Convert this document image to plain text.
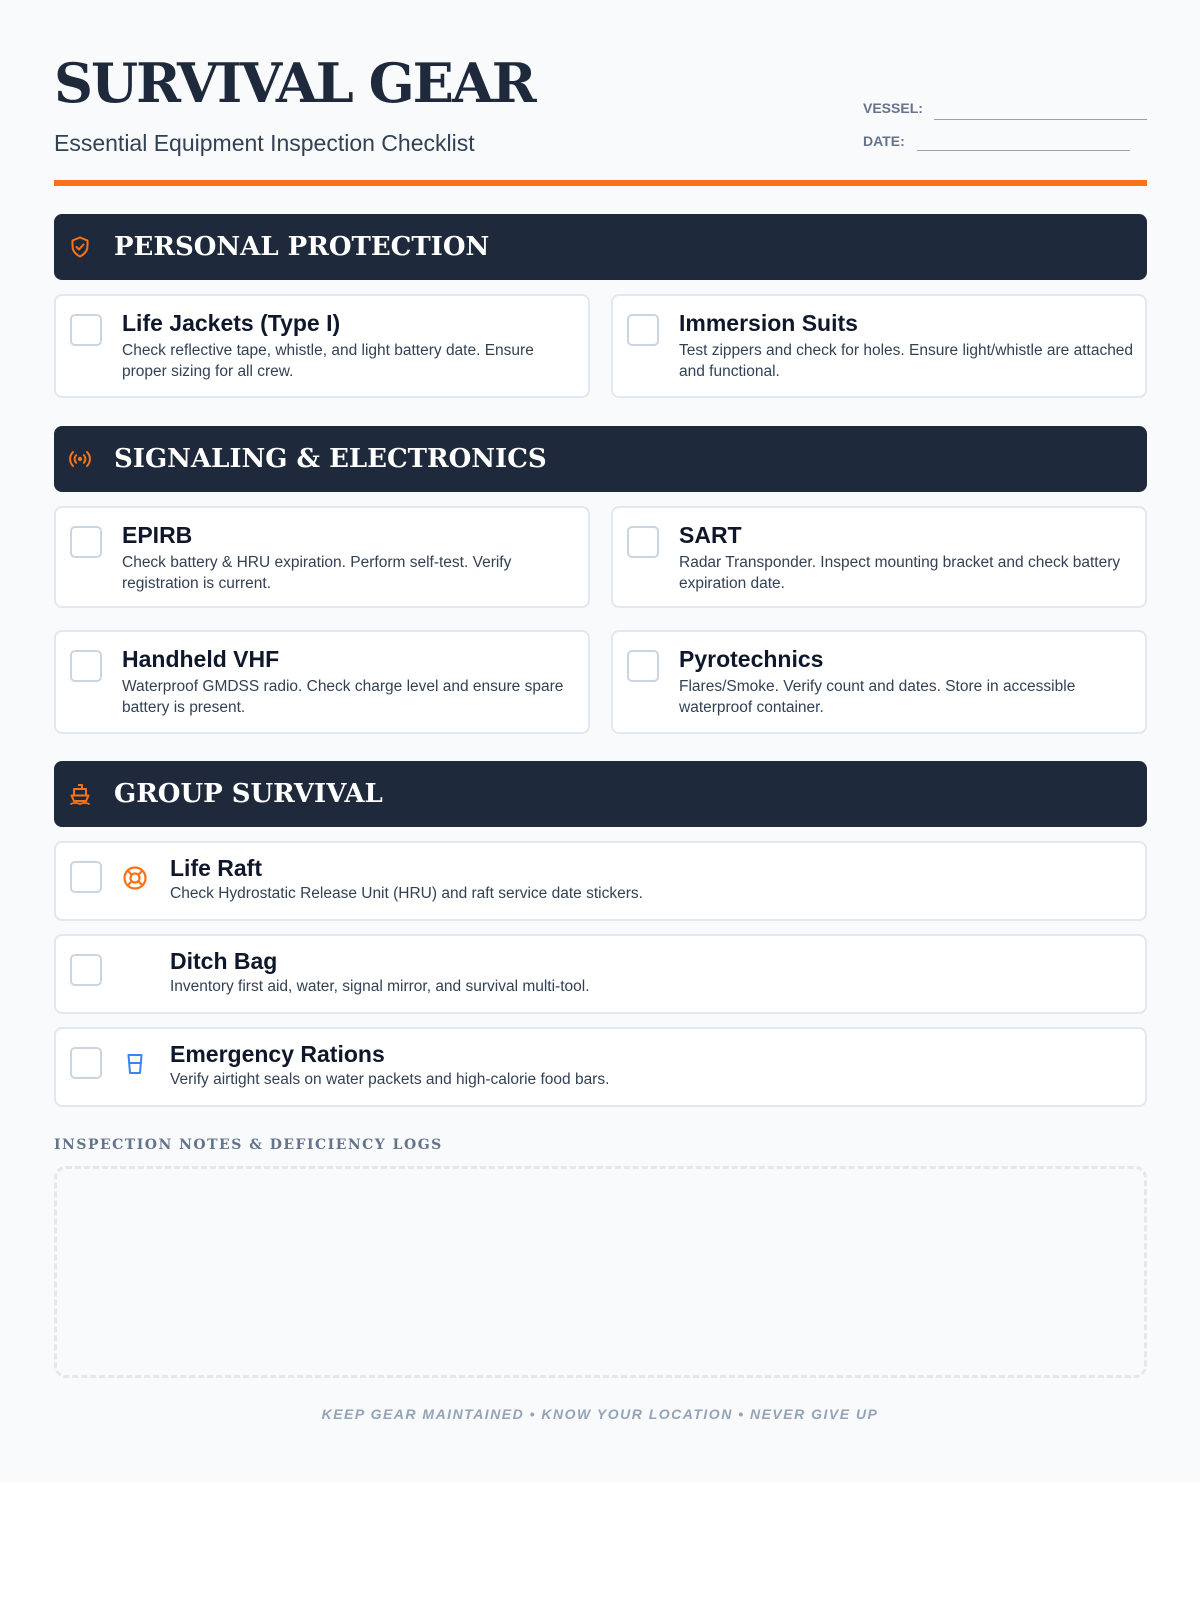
SURVIVAL GEAR
Essential Equipment Inspection Checklist
VESSEL:
DATE:
PERSONAL PROTECTION
Life Jackets (Type I)
Check reflective tape, whistle, and light battery date. Ensure proper sizing for all crew.
Immersion Suits
Test zippers and check for holes. Ensure light/whistle are attached and functional.
SIGNALING & ELECTRONICS
EPIRB
Check battery & HRU expiration. Perform self-test. Verify registration is current.
SART
Radar Transponder. Inspect mounting bracket and check battery expiration date.
Handheld VHF
Waterproof GMDSS radio. Check charge level and ensure spare battery is present.
Pyrotechnics
Flares/Smoke. Verify count and dates. Store in accessible waterproof container.
GROUP SURVIVAL
Life Raft
Check Hydrostatic Release Unit (HRU) and raft service date stickers.
Ditch Bag
Inventory first aid, water, signal mirror, and survival multi-tool.
Emergency Rations
Verify airtight seals on water packets and high-calorie food bars.
INSPECTION NOTES & DEFICIENCY LOGS
KEEP GEAR MAINTAINED • KNOW YOUR LOCATION • NEVER GIVE UP
